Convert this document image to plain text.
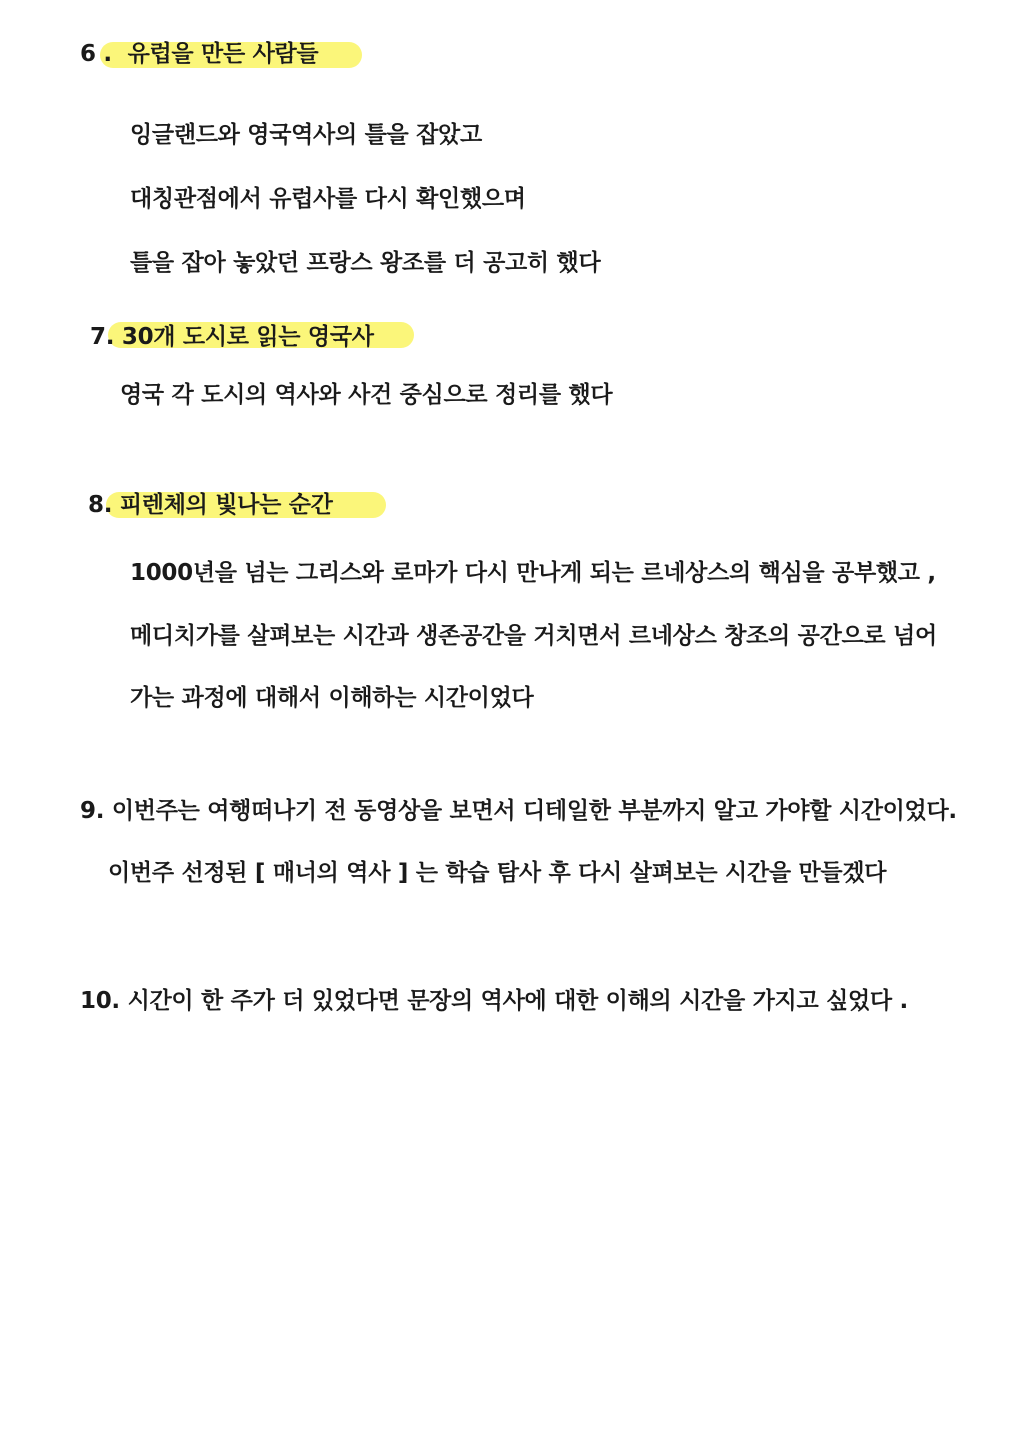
6 . 유럽을 만든 사람들
잉글랜드와 영국역사의 틀을 잡았고
대칭관점에서 유럽사를 다시 확인했으며
틀을 잡아 놓았던 프랑스 왕조를 더 공고히 했다
7. 30개 도시로 읽는 영국사
영국 각 도시의 역사와 사건 중심으로 정리를 했다
8. 피렌체의 빛나는 순간
1000년을 넘는 그리스와 로마가 다시 만나게 되는 르네상스의 핵심을 공부했고 ,
메디치가를 살펴보는 시간과 생존공간을 거치면서 르네상스 창조의 공간으로 넘어
가는 과정에 대해서 이해하는 시간이었다
9. 이번주는 여행떠나기 전 동영상을 보면서 디테일한 부분까지 알고 가야할 시간이었다.
이번주 선정된 [ 매너의 역사 ] 는 학습 탐사 후 다시 살펴보는 시간을 만들겠다
10. 시간이 한 주가 더 있었다면 문장의 역사에 대한 이해의 시간을 가지고 싶었다 .
